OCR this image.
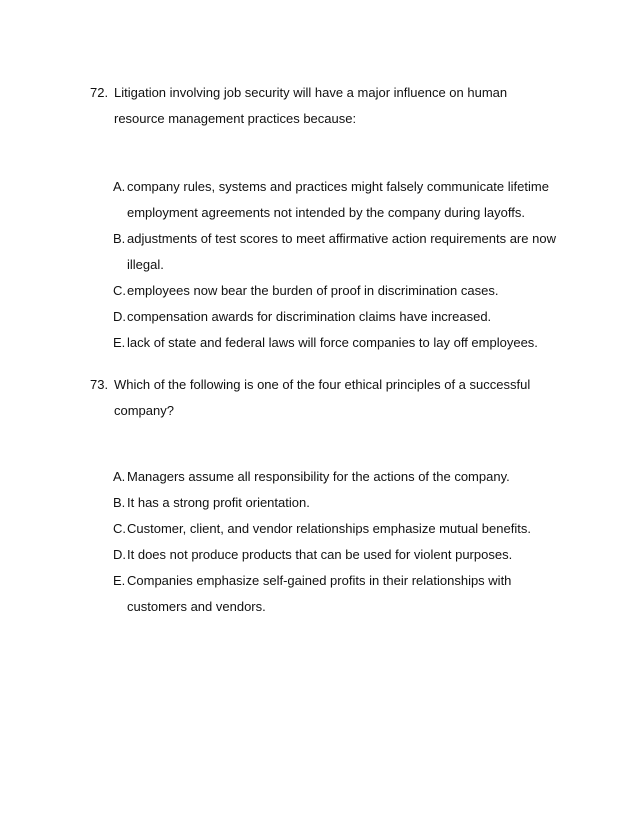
72. Litigation involving job security will have a major influence on human resource management practices because:
A. company rules, systems and practices might falsely communicate lifetime employment agreements not intended by the company during layoffs.
B. adjustments of test scores to meet affirmative action requirements are now illegal.
C. employees now bear the burden of proof in discrimination cases.
D. compensation awards for discrimination claims have increased.
E. lack of state and federal laws will force companies to lay off employees.
73. Which of the following is one of the four ethical principles of a successful company?
A. Managers assume all responsibility for the actions of the company.
B. It has a strong profit orientation.
C. Customer, client, and vendor relationships emphasize mutual benefits.
D. It does not produce products that can be used for violent purposes.
E. Companies emphasize self-gained profits in their relationships with customers and vendors.
